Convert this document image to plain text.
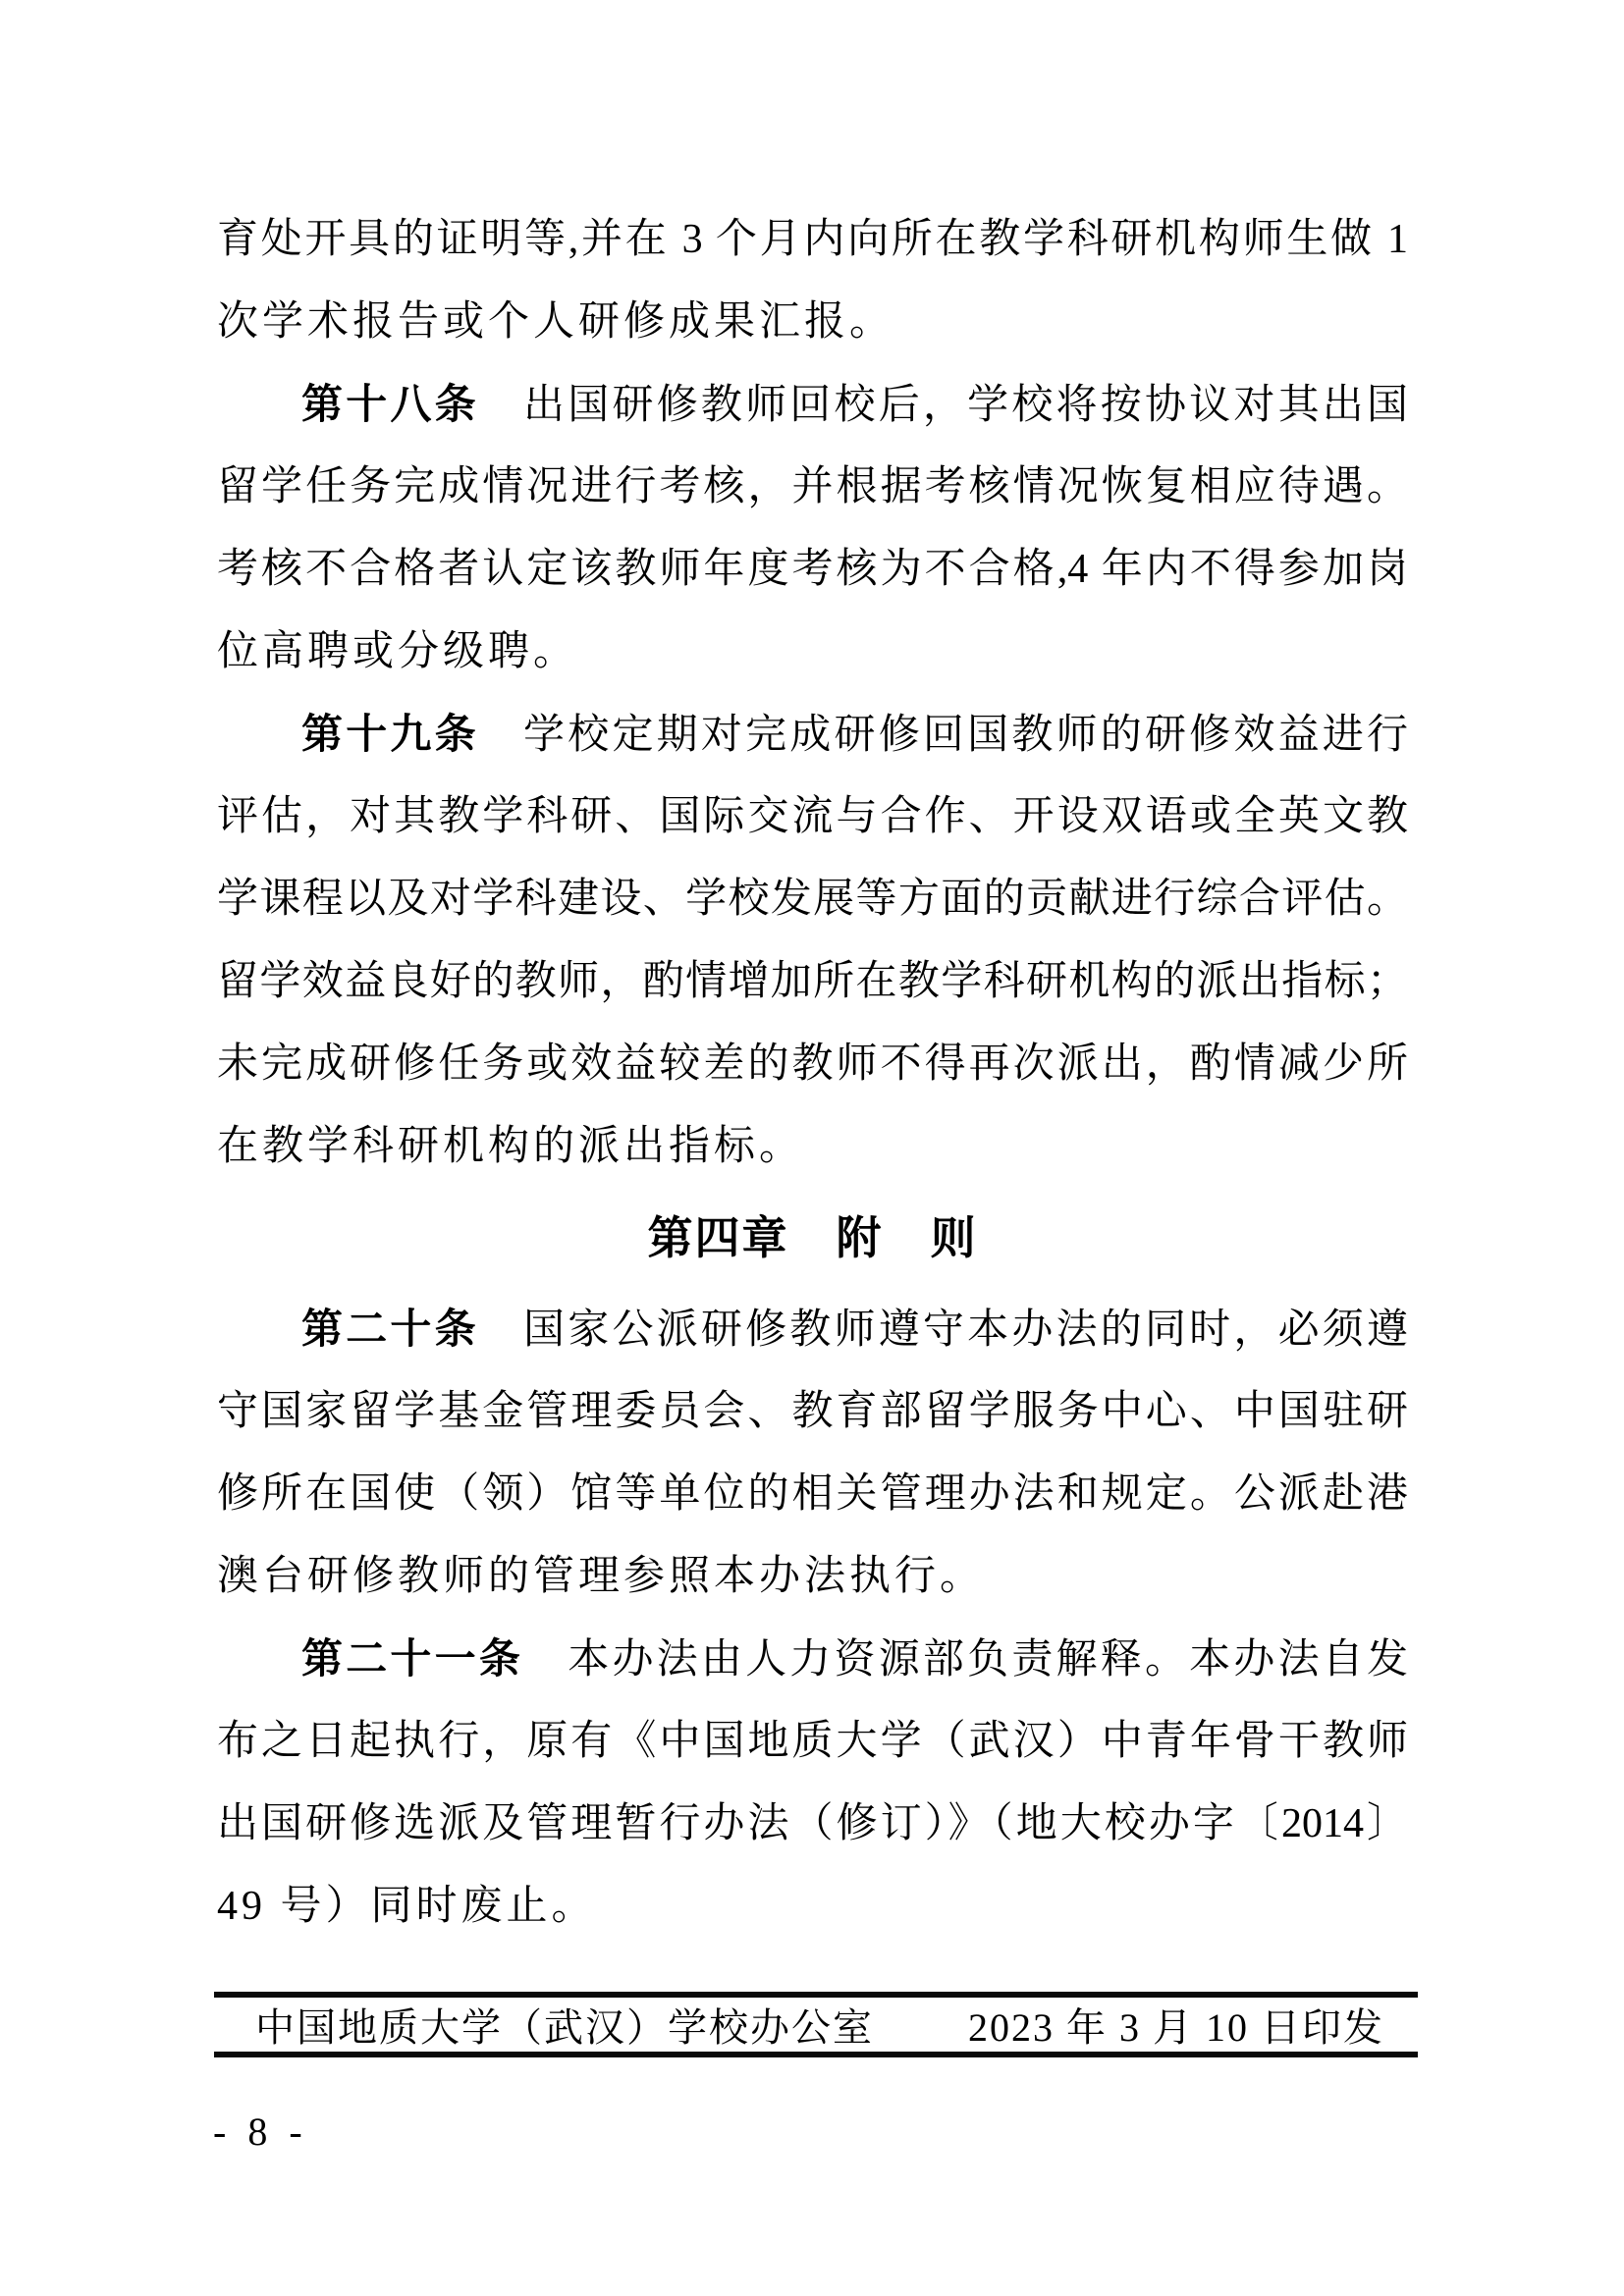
育处开具的证明等,并在 3 个月内向所在教学科研机构师生做 1
次学术报告或个人研修成果汇报。
第十八条　出国研修教师回校后，学校将按协议对其出国
留学任务完成情况进行考核，并根据考核情况恢复相应待遇。
考核不合格者认定该教师年度考核为不合格,4 年内不得参加岗
位高聘或分级聘。
第十九条　学校定期对完成研修回国教师的研修效益进行
评估，对其教学科研、国际交流与合作、开设双语或全英文教
学课程以及对学科建设、学校发展等方面的贡献进行综合评估。
留学效益良好的教师，酌情增加所在教学科研机构的派出指标；
未完成研修任务或效益较差的教师不得再次派出，酌情减少所
在教学科研机构的派出指标。
第四章　附　则
第二十条　国家公派研修教师遵守本办法的同时，必须遵
守国家留学基金管理委员会、教育部留学服务中心、中国驻研
修所在国使（领）馆等单位的相关管理办法和规定。公派赴港
澳台研修教师的管理参照本办法执行。
第二十一条　本办法由人力资源部负责解释。本办法自发
布之日起执行，原有《中国地质大学（武汉）中青年骨干教师
出国研修选派及管理暂行办法（修订）》（地大校办字〔2014〕
49 号）同时废止。
中国地质大学（武汉）学校办公室 2023 年 3 月 10 日印发
- 8 -
